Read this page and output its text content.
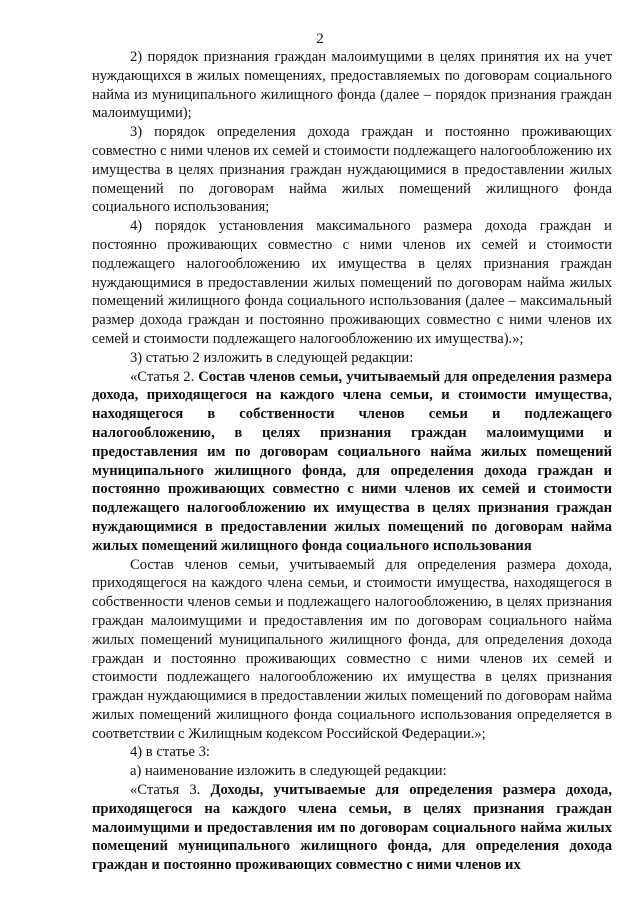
2

2) порядок признания граждан малоимущими в целях принятия их на учет нуждающихся в жилых помещениях, предоставляемых по договорам социального найма из муниципального жилищного фонда (далее – порядок признания граждан малоимущими);

3) порядок определения дохода граждан и постоянно проживающих совместно с ними членов их семей и стоимости подлежащего налогообложению их имущества в целях признания граждан нуждающимися в предоставлении жилых помещений по договорам найма жилых помещений жилищного фонда социального использования;

4) порядок установления максимального размера дохода граждан и постоянно проживающих совместно с ними членов их семей и стоимости подлежащего налогообложению их имущества в целях признания граждан нуждающимися в предоставлении жилых помещений по договорам найма жилых помещений жилищного фонда социального использования (далее – максимальный размер дохода граждан и постоянно проживающих совместно с ними членов их семей и стоимости подлежащего налогообложению их имущества).»;

3) статью 2 изложить в следующей редакции:

«Статья 2. Состав членов семьи, учитываемый для определения размера дохода, приходящегося на каждого члена семьи, и стоимости имущества, находящегося в собственности членов семьи и подлежащего налогообложению, в целях признания граждан малоимущими и предоставления им по договорам социального найма жилых помещений муниципального жилищного фонда, для определения дохода граждан и постоянно проживающих совместно с ними членов их семей и стоимости подлежащего налогообложению их имущества в целях признания граждан нуждающимися в предоставлении жилых помещений по договорам найма жилых помещений жилищного фонда социального использования

Состав членов семьи, учитываемый для определения размера дохода, приходящегося на каждого члена семьи, и стоимости имущества, находящегося в собственности членов семьи и подлежащего налогообложению, в целях признания граждан малоимущими и предоставления им по договорам социального найма жилых помещений муниципального жилищного фонда, для определения дохода граждан и постоянно проживающих совместно с ними членов их семей и стоимости подлежащего налогообложению их имущества в целях признания граждан нуждающимися в предоставлении жилых помещений по договорам найма жилых помещений жилищного фонда социального использования определяется в соответствии с Жилищным кодексом Российской Федерации.»;

4) в статье 3:

а) наименование изложить в следующей редакции:

«Статья 3. Доходы, учитываемые для определения размера дохода, приходящегося на каждого члена семьи, в целях признания граждан малоимущими и предоставления им по договорам социального найма жилых помещений муниципального жилищного фонда, для определения дохода граждан и постоянно проживающих совместно с ними членов их
